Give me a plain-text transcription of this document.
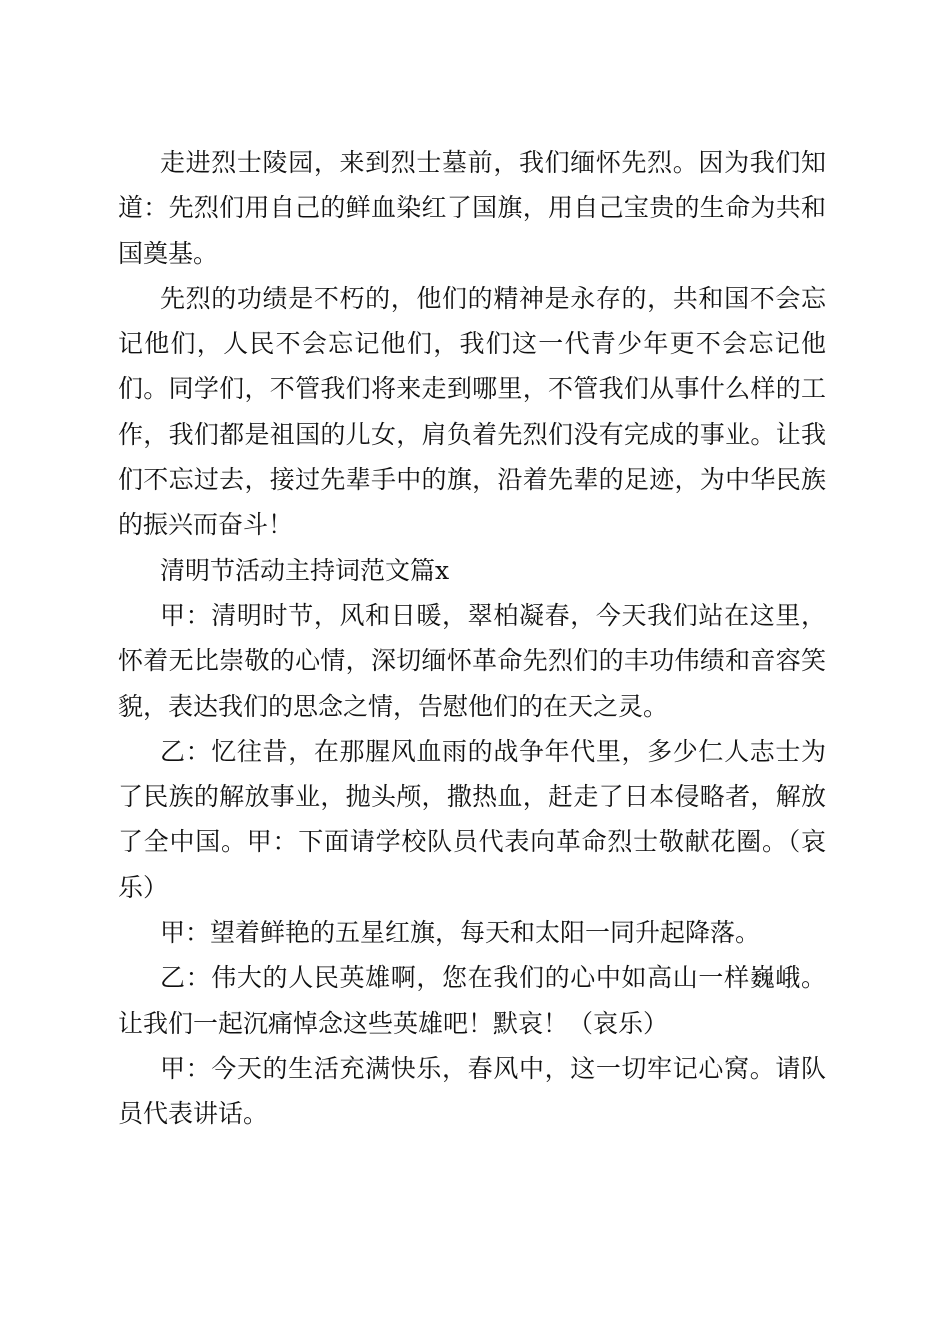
走进烈士陵园，来到烈士墓前，我们缅怀先烈。因为我们知道：先烈们用自己的鲜血染红了国旗，用自己宝贵的生命为共和国奠基。

先烈的功绩是不朽的，他们的精神是永存的，共和国不会忘记他们，人民不会忘记他们，我们这一代青少年更不会忘记他们。同学们，不管我们将来走到哪里，不管我们从事什么样的工作，我们都是祖国的儿女，肩负着先烈们没有完成的事业。让我们不忘过去，接过先辈手中的旗，沿着先辈的足迹，为中华民族的振兴而奋斗！

清明节活动主持词范文篇x

甲：清明时节，风和日暖，翠柏凝春，今天我们站在这里，怀着无比崇敬的心情，深切缅怀革命先烈们的丰功伟绩和音容笑貌，表达我们的思念之情，告慰他们的在天之灵。

乙：忆往昔，在那腥风血雨的战争年代里，多少仁人志士为了民族的解放事业，抛头颅，撒热血，赶走了日本侵略者，解放了全中国。甲：下面请学校队员代表向革命烈士敬献花圈。（哀乐）

甲：望着鲜艳的五星红旗，每天和太阳一同升起降落。

乙：伟大的人民英雄啊，您在我们的心中如高山一样巍峨。让我们一起沉痛悼念这些英雄吧！默哀！（哀乐）

甲：今天的生活充满快乐，春风中，这一切牢记心窝。请队员代表讲话。
